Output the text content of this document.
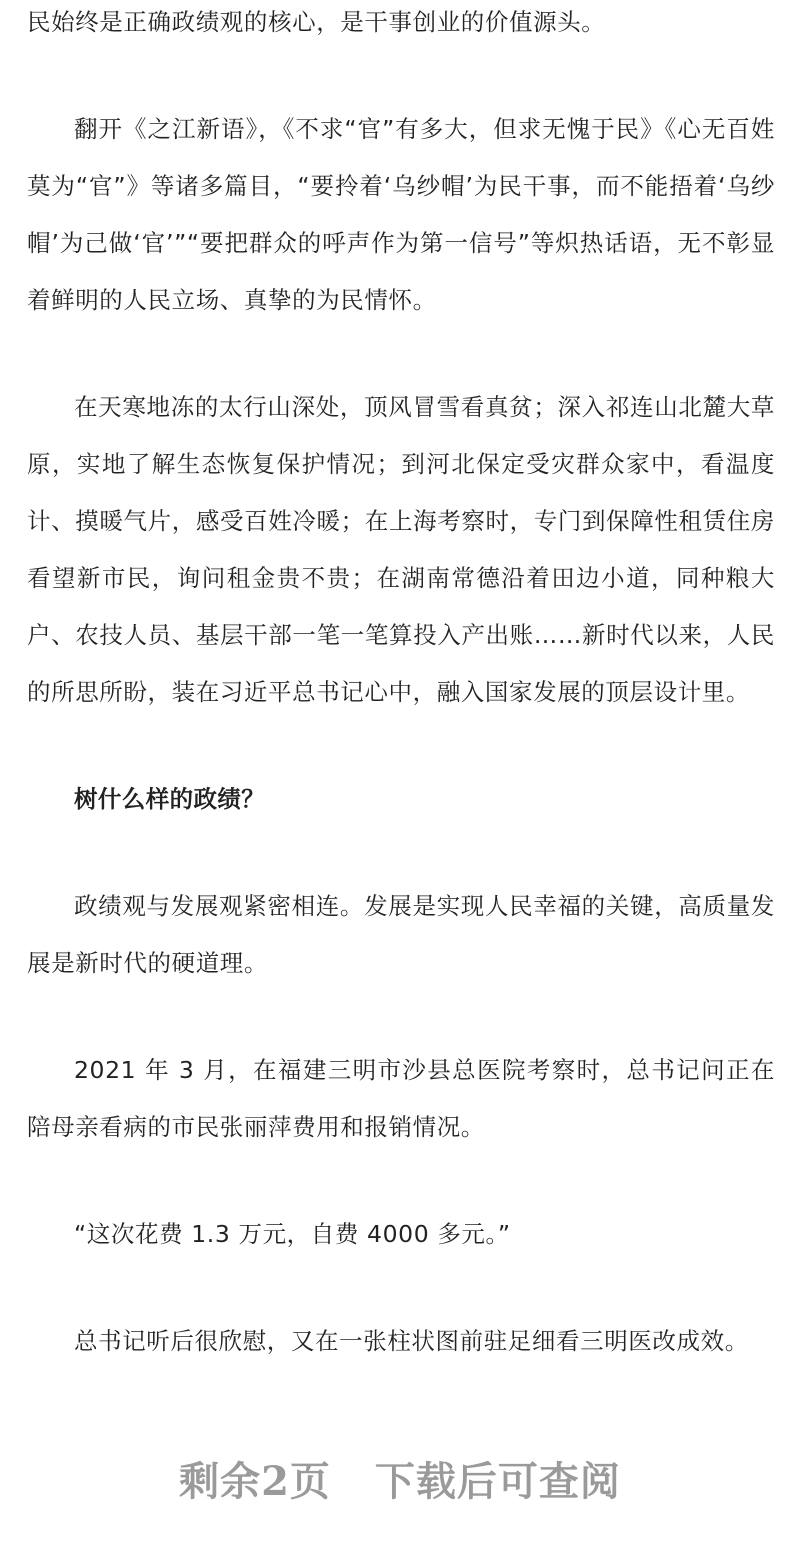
民始终是正确政绩观的核心，是干事创业的价值源头。

翻开《之江新语》，《不求“官”有多大，但求无愧于民》《心无百姓莫为“官”》等诸多篇目，“要拎着‘乌纱帽’为民干事，而不能捂着‘乌纱帽’为己做‘官’”“要把群众的呼声作为第一信号”等炽热话语，无不彰显着鲜明的人民立场、真挚的为民情怀。

在天寒地冻的太行山深处，顶风冒雪看真贫；深入祁连山北麓大草原，实地了解生态恢复保护情况；到河北保定受灾群众家中，看温度计、摸暖气片，感受百姓冷暖；在上海考察时，专门到保障性租赁住房看望新市民，询问租金贵不贵；在湖南常德沿着田边小道，同种粮大户、农技人员、基层干部一笔一笔算投入产出账……新时代以来，人民的所思所盼，装在习近平总书记心中，融入国家发展的顶层设计里。

树什么样的政绩？

政绩观与发展观紧密相连。发展是实现人民幸福的关键，高质量发展是新时代的硬道理。

2021 年 3 月，在福建三明市沙县总医院考察时，总书记问正在陪母亲看病的市民张丽萍费用和报销情况。

“这次花费 1.3 万元，自费 4000 多元。”

总书记听后很欣慰，又在一张柱状图前驻足细看三明医改成效。

剩余2页 下载后可查阅
